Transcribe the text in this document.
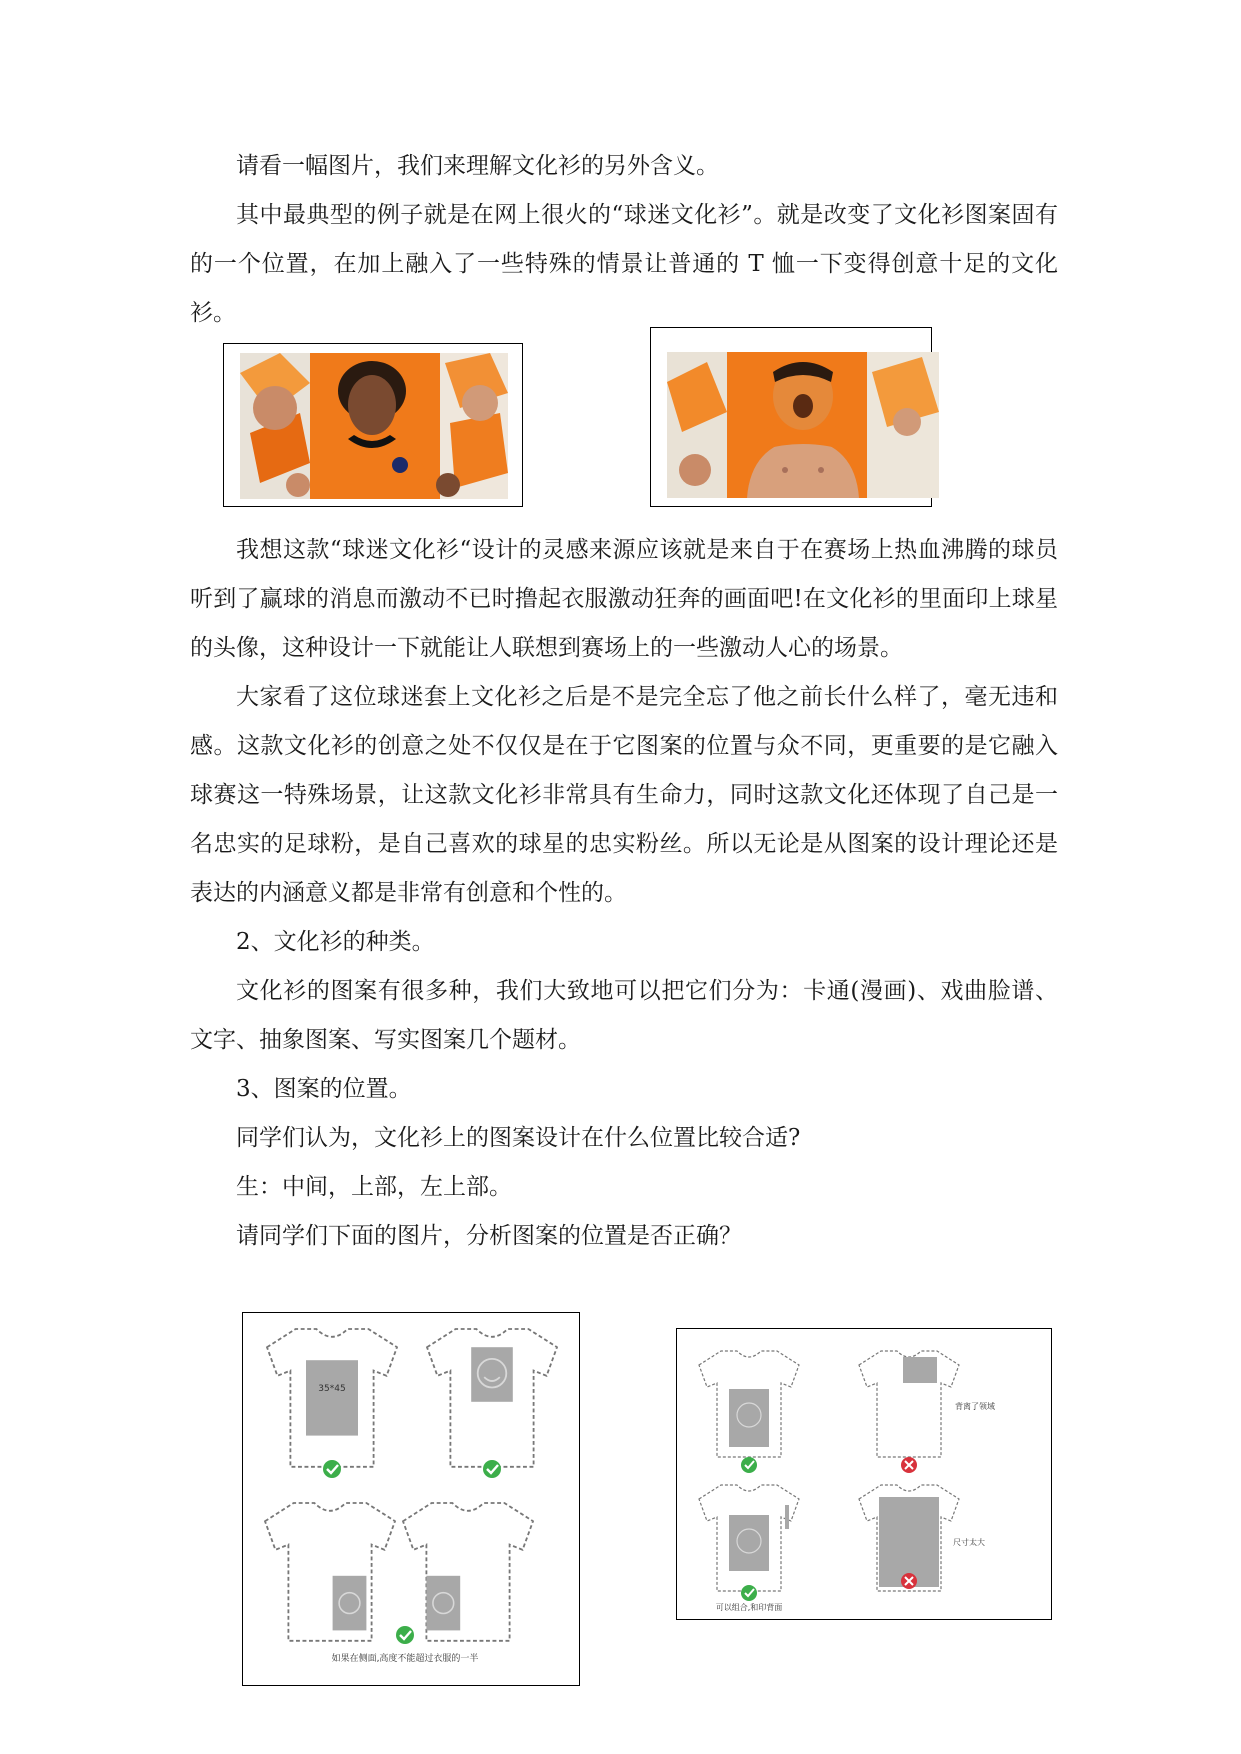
请看一幅图片，我们来理解文化衫的另外含义。

其中最典型的例子就是在网上很火的“球迷文化衫”。就是改变了文化衫图案固有的一个位置，在加上融入了一些特殊的情景让普通的 T 恤一下变得创意十足的文化衫。

我想这款“球迷文化衫“设计的灵感来源应该就是来自于在赛场上热血沸腾的球员听到了赢球的消息而激动不已时撸起衣服激动狂奔的画面吧!在文化衫的里面印上球星的头像，这种设计一下就能让人联想到赛场上的一些激动人心的场景。

大家看了这位球迷套上文化衫之后是不是完全忘了他之前长什么样了，毫无违和感。这款文化衫的创意之处不仅仅是在于它图案的位置与众不同，更重要的是它融入球赛这一特殊场景，让这款文化衫非常具有生命力，同时这款文化还体现了自己是一名忠实的足球粉，是自己喜欢的球星的忠实粉丝。所以无论是从图案的设计理论还是表达的内涵意义都是非常有创意和个性的。

2、文化衫的种类。

文化衫的图案有很多种，我们大致地可以把它们分为：卡通(漫画)、戏曲脸谱、文字、抽象图案、写实图案几个题材。

3、图案的位置。

同学们认为，文化衫上的图案设计在什么位置比较合适?

生：中间，上部，左上部。

请同学们下面的图片，分析图案的位置是否正确？

35*45
如果在侧面,高度不能超过衣服的一半
背离了领域
可以组合,和印背面
尺寸太大
